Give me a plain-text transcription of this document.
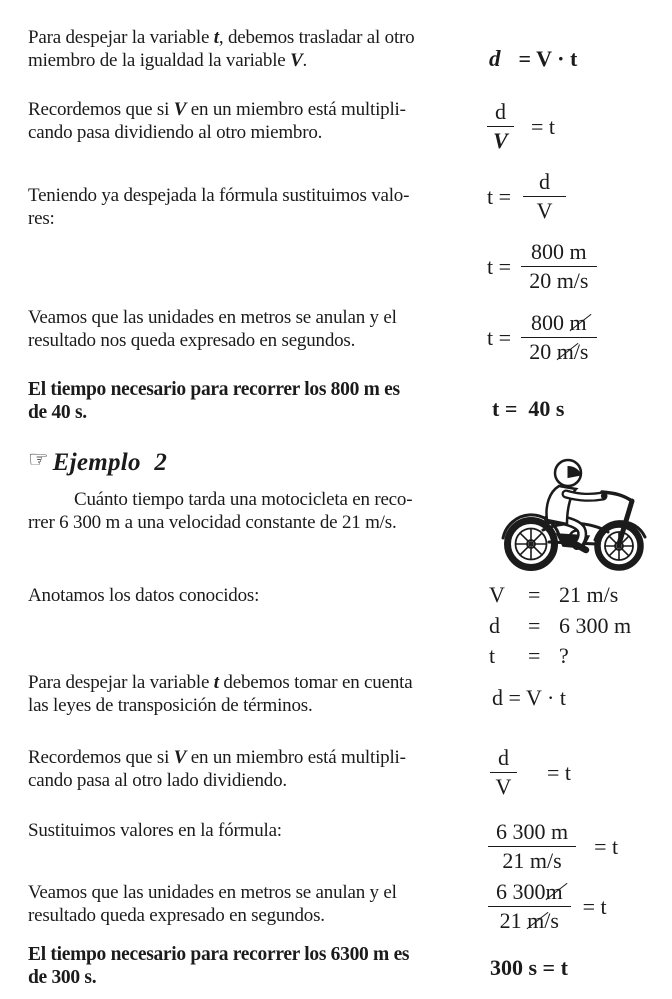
Para despejar la variable t, debemos trasladar al otro
miembro de la igualdad la variable V.	d = V · t
Recordemos que si V en un miembro está multipli-
cando pasa dividiendo al otro miembro.	$\frac{d}{V} = t$
Teniendo ya despejada la fórmula sustituimos valo-
res:
$t = \frac{d}{V}$
$t = \frac{800 m}{20 m/s}$
Veamos que las unidades en metros se anulan y el
resultado nos queda expresado en segundos.	$t = \frac{800 m}{20 m/s}$
El tiempo necesario para recorrer los 800 m es
de 40 s.	t =  40 s
☞ Ejemplo 2
Cuánto tiempo tarda una motocicleta en reco-
rrer 6 300 m a una velocidad constante de 21 m/s.
Anotamos los datos conocidos:	V	= 21 m/s
d	= 6 300 m
t	= ?
Para despejar la variable t debemos tomar en cuenta
las leyes de transposición de términos.	d = V · t
Recordemos que si V en un miembro está multipli-
cando pasa al otro lado dividiendo.	$\frac{d}{V} = t$
Sustituimos valores en la fórmula:	$\frac{6 300 m}{21 m/s} = t$
Veamos que las unidades en metros se anulan y el
resultado queda expresado en segundos.	$\frac{6 300m}{21 m/s} = t$
El tiempo necesario para recorrer los 6300 m es
de 300 s.	300 s = t
